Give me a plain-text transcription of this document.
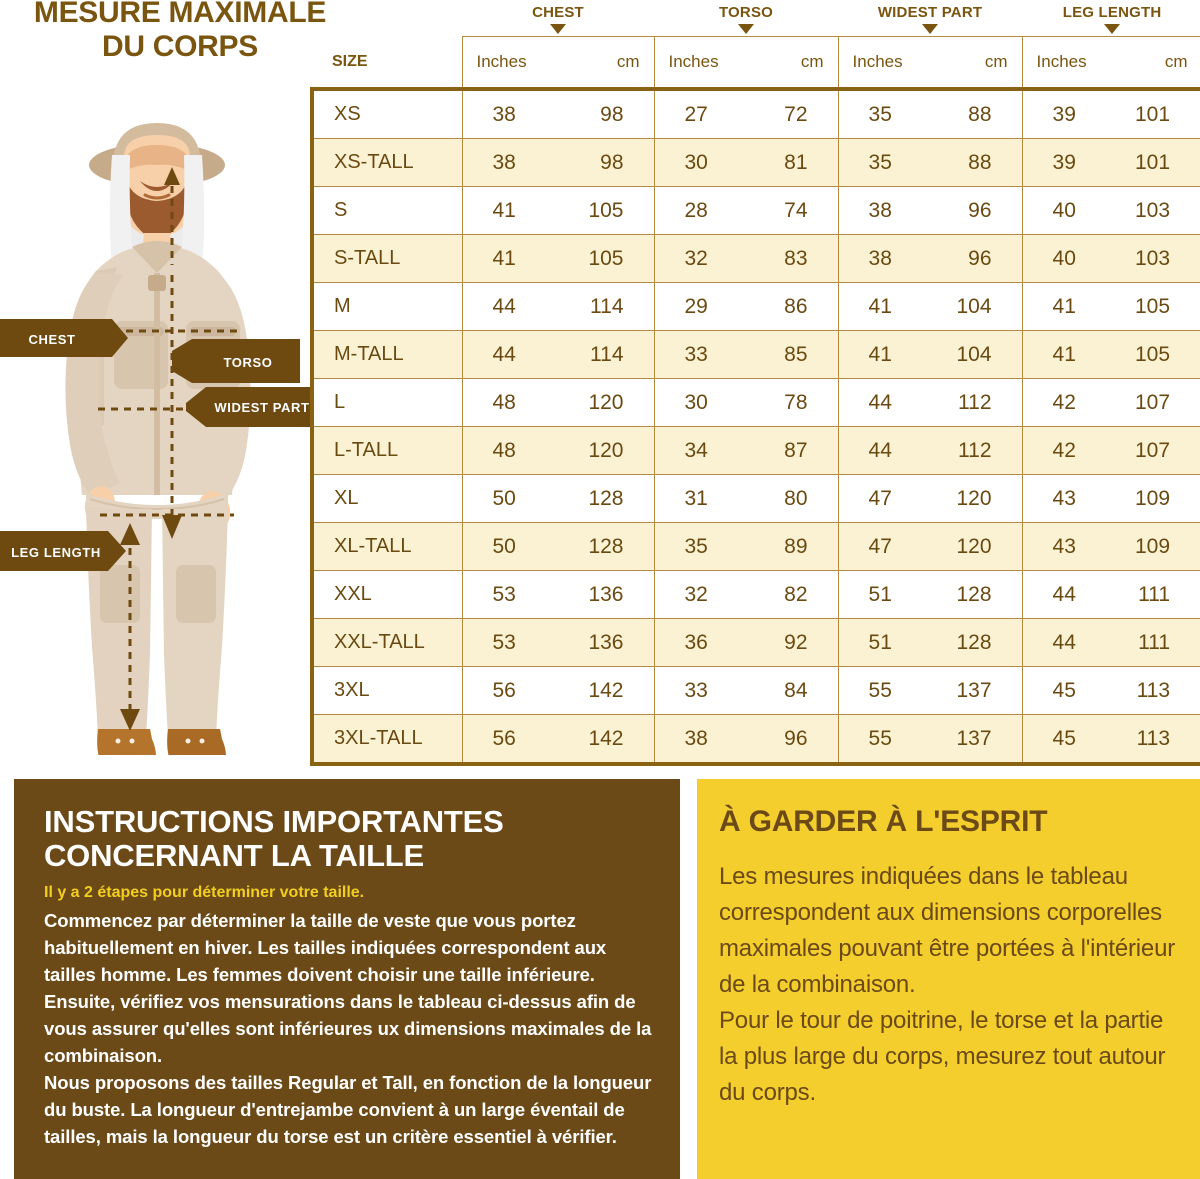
MESURE MAXIMALE
DU CORPS
TORSO
CHEST
WIDEST PART
LEG LENGTH
	CHEST		TORSO		WIDEST PART		LEG LENGTH	

SIZE	Inches	cm	Inches	cm	Inches	cm	Inches	cm
XS	38	98	27	72	35	88	39	101
XS-TALL	38	98	30	81	35	88	39	101
S	41	105	28	74	38	96	40	103
S-TALL	41	105	32	83	38	96	40	103
M	44	114	29	86	41	104	41	105
M-TALL	44	114	33	85	41	104	41	105
L	48	120	30	78	44	112	42	107
L-TALL	48	120	34	87	44	112	42	107
XL	50	128	31	80	47	120	43	109
XL-TALL	50	128	35	89	47	120	43	109
XXL	53	136	32	82	51	128	44	111
XXL-TALL	53	136	36	92	51	128	44	111
3XL	56	142	33	84	55	137	45	113
3XL-TALL	56	142	38	96	55	137	45	113
INSTRUCTIONS IMPORTANTES
CONCERNANT LA TAILLE
Il y a 2 étapes pour déterminer votre taille.

Commencez par déterminer la taille de veste que vous portez habituellement en hiver. Les tailles indiquées correspondent aux tailles homme. Les femmes doivent choisir une taille inférieure. Ensuite, vérifiez vos mensurations dans le tableau ci-dessus afin de vous assurer qu'elles sont inférieures ux dimensions maximales de la combinaison.

Nous proposons des tailles Regular et Tall, en fonction de la longueur du buste. La longueur d'entrejambe convient à un large éventail de tailles, mais la longueur du torse est un critère essentiel à vérifier.

À GARDER À L'ESPRIT

Les mesures indiquées dans le tableau correspondent aux dimensions corporelles maximales pouvant être portées à l'intérieur de la combinaison.

Pour le tour de poitrine, le torse et la partie la plus large du corps, mesurez tout autour du corps.
